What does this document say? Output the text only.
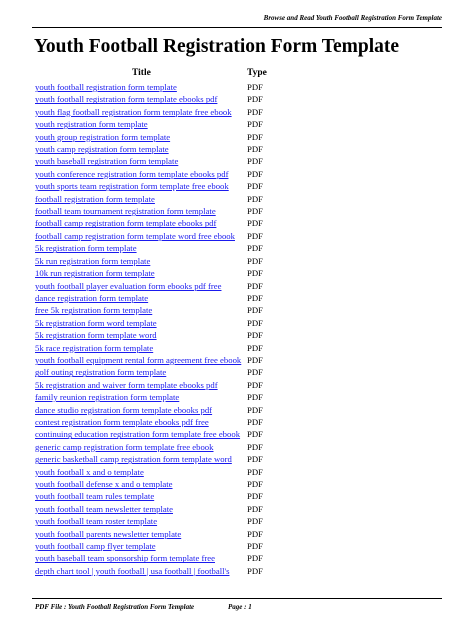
Browse and Read Youth Football Registration Form Template
Youth Football Registration Form Template
Title	Type
youth football registration form template	PDF
youth football registration form template ebooks pdf	PDF
youth flag football registration form template free ebook PDF
youth registration form template	PDF
youth group registration form template	PDF
youth camp registration form template	PDF
youth baseball registration form template	PDF
youth conference registration form template ebooks pdf PDF
youth sports team registration form template free ebook PDF
football registration form template	PDF
football team tournament registration form template	PDF
football camp registration form template ebooks pdf	PDF
football camp registration form template word free ebook PDF
5k registration form template	PDF
5k run registration form template	PDF
10k run registration form template	PDF
youth football player evaluation form ebooks pdf free	PDF
dance registration form template	PDF
free 5k registration form template	PDF
5k registration form word template	PDF
5k registration form template word	PDF
5k race registration form template	PDF
youth football equipment rental form agreement free ebook PDF
golf outing registration form template	PDF
5k registration and waiver form template ebooks pdf	PDF
family reunion registration form template	PDF
dance studio registration form template ebooks pdf	PDF
contest registration form template ebooks pdf free	PDF
continuing education registration form template free ebook PDF
generic camp registration form template free ebook	PDF
generic basketball camp registration form template word PDF
youth football x and o template	PDF
youth football defense x and o template	PDF
youth football team rules template	PDF
youth football team newsletter template	PDF
youth football team roster template	PDF
youth football parents newsletter template	PDF
youth football camp flyer template	PDF
youth baseball team sponsorship form template free	PDF
depth chart tool | youth football | usa football | football's PDF
PDF File : Youth Football Registration Form Template	Page : 1
